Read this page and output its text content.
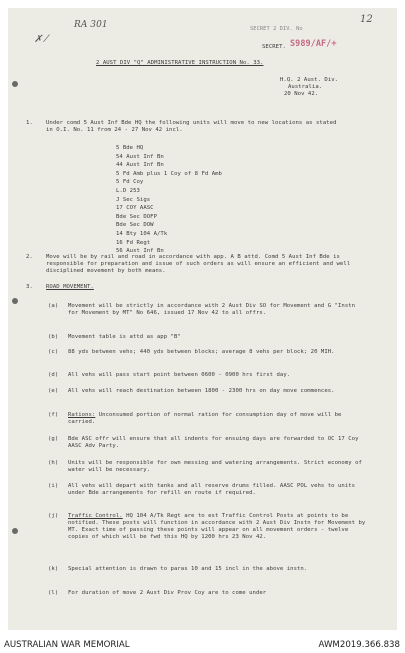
RA 301	12
✗ ⁄
SECRET 2 DIV. No
S989/AF/+
SECRET.
2 AUST DIV "Q" ADMINISTRATIVE INSTRUCTION No. 33.
H.Q. 2 Aust. Div.
Australia.
20 Nov 42.
1. Under comd 5 Aust Inf Bde HQ the following units will move to new locations as stated in O.I. No. 11 from 24 - 27 Nov 42 incl.
5 Bde HQ
54 Aust Inf Bn
44 Aust Inf Bn
5 Fd Amb plus 1 Coy of 8 Fd Amb
5 Fd Coy
L.D 253
J Sec Sigs
17 COY AASC
Bde Sec DOFP
Bde Sec DOW
14 Bty 104 A/Tk
16 Fd Regt
56 Aust Inf Bn
2. Move will be by rail and road in accordance with app. A B attd. Comd 5 Aust Inf Bde is responsible for preparation and issue of such orders as will ensure an efficient and well disciplined movement by both means.
3. ROAD MOVEMENT.
(a) Movement will be strictly in accordance with 2 Aust Div SO for Movement and G "Instn for Movement by MT" No 646, issued 17 Nov 42 to all offrs.
(b) Movement table is attd as app "B"
(c) 88 yds between vehs; 440 yds between blocks; average 8 vehs per block; 20 MIH.
(d) All vehs will pass start point between 0600 - 0900 hrs first day.
(e) All vehs will reach destination between 1800 - 2300 hrs on day move commences.
(f) Rations: Unconsumed portion of normal ration for consumption day of move will be carried.
(g) Bde ASC offr will ensure that all indents for ensuing days are forwarded to OC 17 Coy AASC Adv Party.
(h) Units will be responsible for own messing and watering arrangements. Strict economy of water will be necessary.
(i) All vehs will depart with tanks and all reserve drums filled. AASC POL vehs to units under Bde arrangements for refill en route if required.
(j) Traffic Control. HQ 104 A/Tk Regt are to est Traffic Control Posts at points to be notified. These posts will function in accordance with 2 Aust Div Instn for Movement by MT. Exact time of passing these points will appear on all movement orders - twelve copies of which will be fwd this HQ by 1200 hrs 23 Nov 42.
(k) Special attention is drawn to paras 10 and 15 incl in the above instn.
(l) For duration of move 2 Aust Div Prov Coy are to come under
AUSTRALIAN WAR MEMORIAL	AWM2019.366.838
